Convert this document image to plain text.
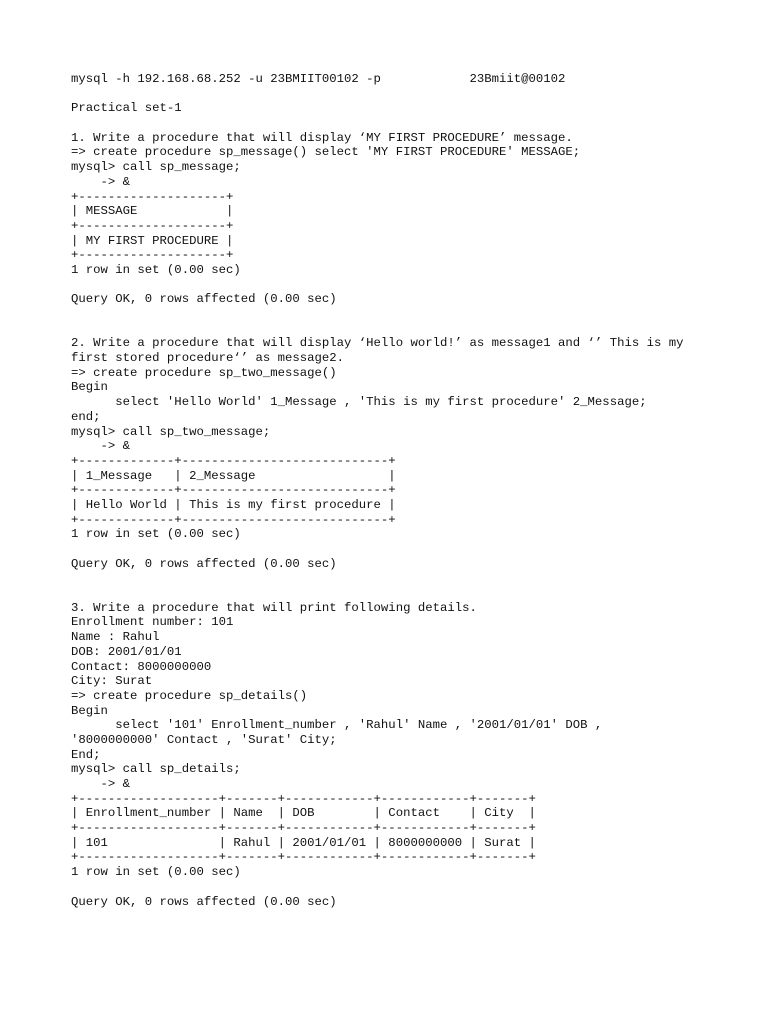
mysql -h 192.168.68.252 -u 23BMIIT00102 -p            23Bmiit@00102
Practical set-1
1. Write a procedure that will display ‘MY FIRST PROCEDURE’ message.
=> create procedure sp_message() select 'MY FIRST PROCEDURE' MESSAGE;
mysql> call sp_message;
-> &
+--------------------+
| MESSAGE            |
+--------------------+
| MY FIRST PROCEDURE |
+--------------------+
1 row in set (0.00 sec)
Query OK, 0 rows affected (0.00 sec)
2. Write a procedure that will display ‘Hello world!’ as message1 and ‘’ This is my
first stored procedure‘’ as message2.
=> create procedure sp_two_message()
Begin
select 'Hello World' 1_Message , 'This is my first procedure' 2_Message;
end;
mysql> call sp_two_message;
-> &
+-------------+----------------------------+
| 1_Message   | 2_Message                  |
+-------------+----------------------------+
| Hello World | This is my first procedure |
+-------------+----------------------------+
1 row in set (0.00 sec)
Query OK, 0 rows affected (0.00 sec)
3. Write a procedure that will print following details.
Enrollment number: 101
Name : Rahul
DOB: 2001/01/01
Contact: 8000000000
City: Surat
=> create procedure sp_details()
Begin
select '101' Enrollment_number , 'Rahul' Name , '2001/01/01' DOB ,
'8000000000' Contact , 'Surat' City;
End;
mysql> call sp_details;
-> &
+-------------------+-------+------------+------------+-------+
| Enrollment_number | Name  | DOB        | Contact    | City  |
+-------------------+-------+------------+------------+-------+
| 101               | Rahul | 2001/01/01 | 8000000000 | Surat |
+-------------------+-------+------------+------------+-------+
1 row in set (0.00 sec)
Query OK, 0 rows affected (0.00 sec)
